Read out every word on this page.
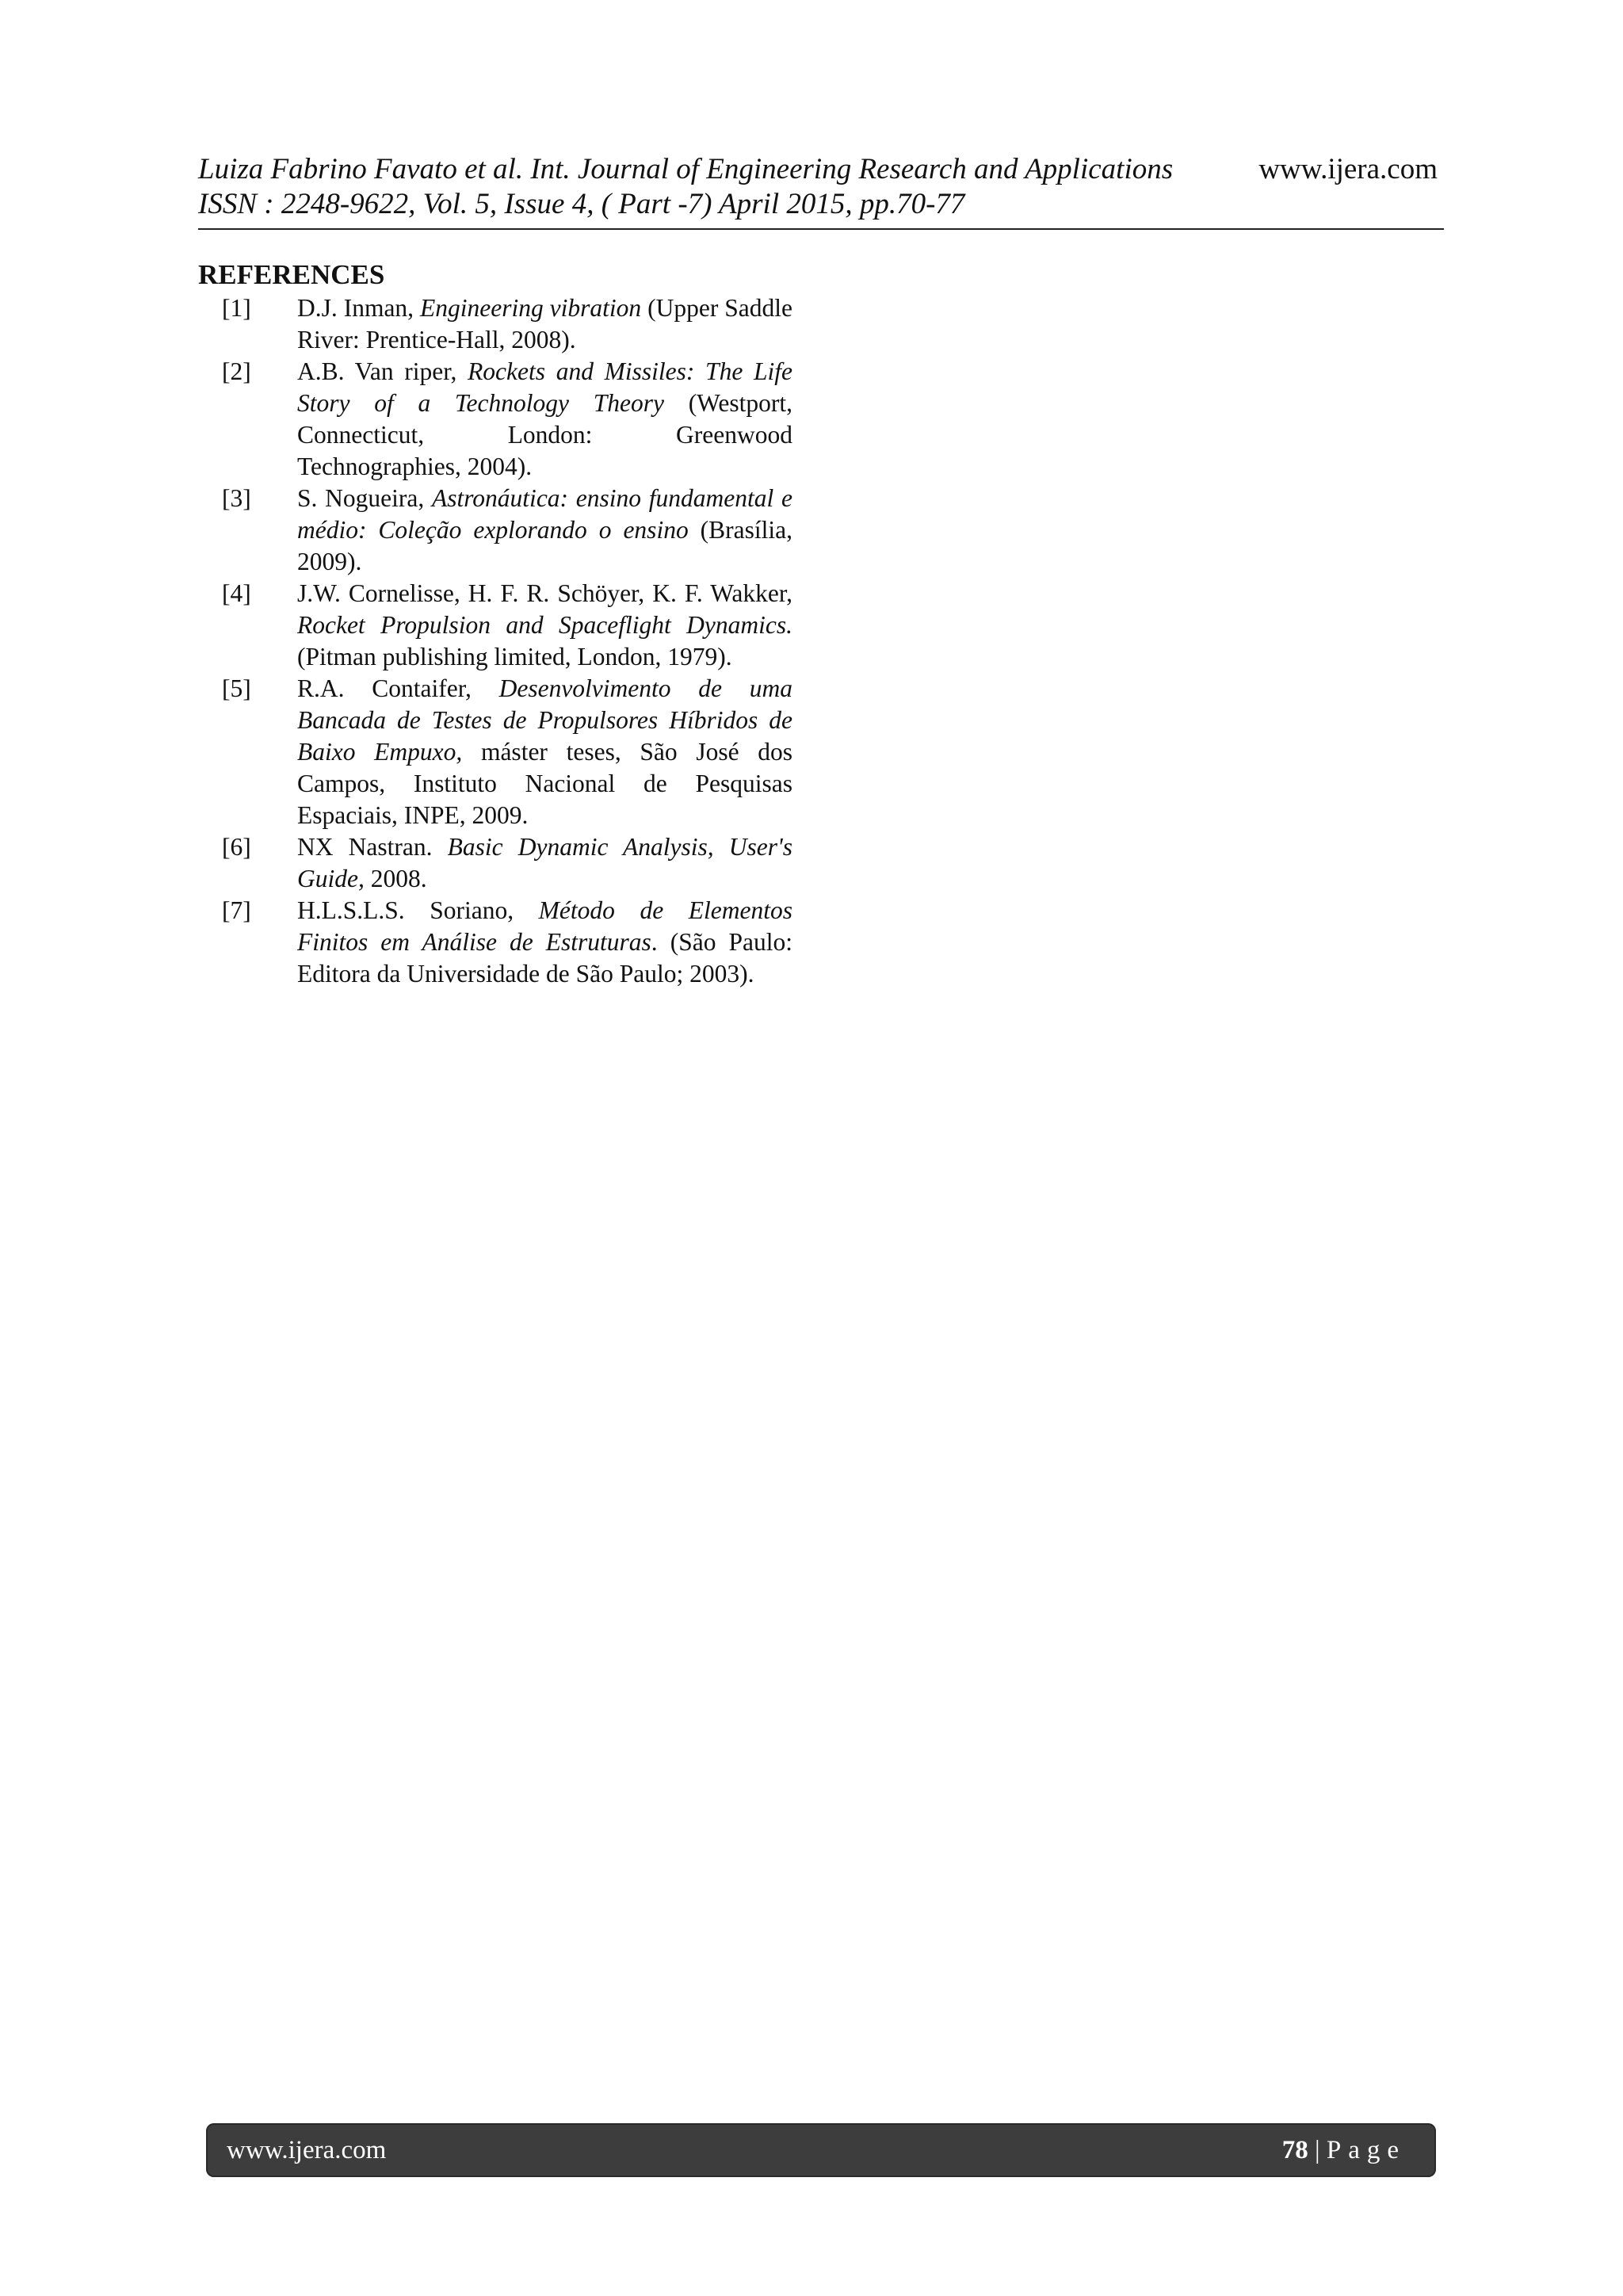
Luiza Fabrino Favato et al. Int. Journal of Engineering Research and Applications	www.ijera.com
ISSN : 2248-9622, Vol. 5, Issue 4, ( Part -7) April 2015, pp.70-77
REFERENCES
[1] D.J. Inman, Engineering vibration (Upper Saddle River: Prentice-Hall, 2008).
[2] A.B. Van riper, Rockets and Missiles: The Life Story of a Technology Theory (Westport, Connecticut, London: Greenwood Technographies, 2004).
[3] S. Nogueira, Astronáutica: ensino fundamental e médio: Coleção explorando o ensino (Brasília, 2009).
[4] J.W. Cornelisse, H. F. R. Schöyer, K. F. Wakker, Rocket Propulsion and Spaceflight Dynamics. (Pitman publishing limited, London, 1979).
[5] R.A. Contaifer, Desenvolvimento de uma Bancada de Testes de Propulsores Híbridos de Baixo Empuxo, máster teses, São José dos Campos, Instituto Nacional de Pesquisas Espaciais, INPE, 2009.
[6] NX Nastran. Basic Dynamic Analysis, User's Guide, 2008.
[7] H.L.S.L.S. Soriano, Método de Elementos Finitos em Análise de Estruturas. (São Paulo: Editora da Universidade de São Paulo; 2003).
www.ijera.com	78 | Page
